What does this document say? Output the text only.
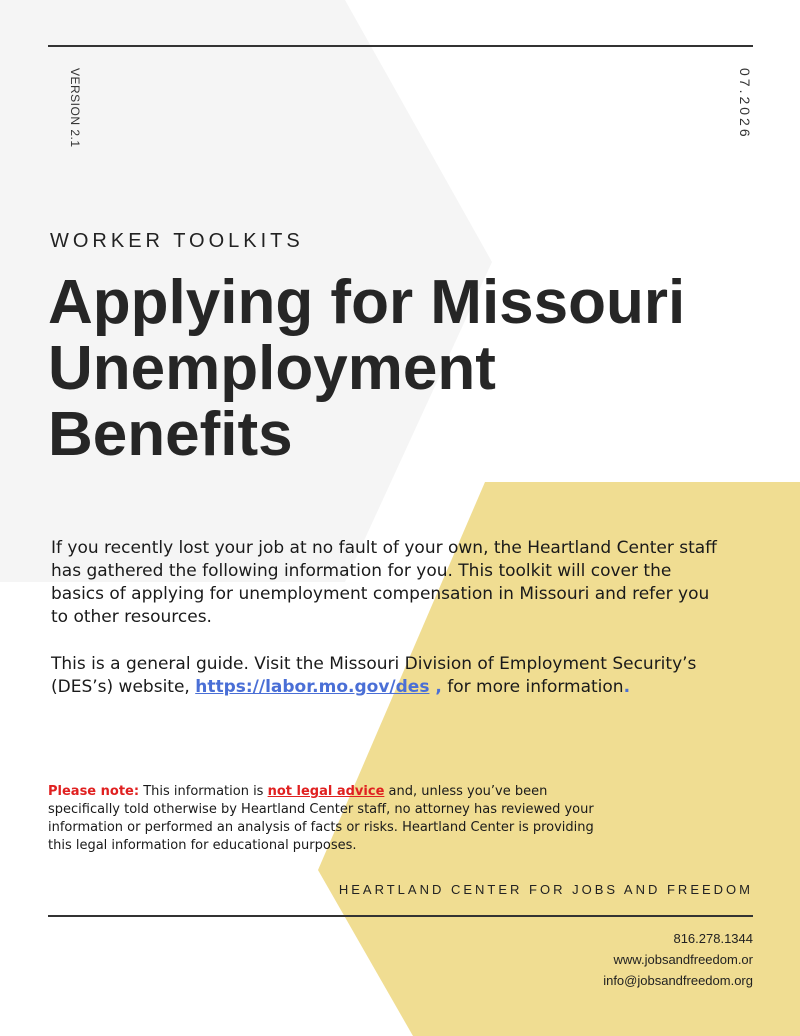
VERSION 2.1	07.2026
WORKER TOOLKITS
Applying for Missouri
Unemployment
Benefits

If you recently lost your job at no fault of your own, the Heartland Center staff has gathered the following information for you. This toolkit will cover the basics of applying for unemployment compensation in Missouri and refer you to other resources.

This is a general guide. Visit the Missouri Division of Employment Security’s (DES’s) website, https://labor.mo.gov/des , for more information.

Please note: This information is not legal advice and, unless you’ve been specifically told otherwise by Heartland Center staff, no attorney has reviewed your information or performed an analysis of facts or risks. Heartland Center is providing this legal information for educational purposes.

HEARTLAND CENTER FOR JOBS AND FREEDOM
816.278.1344
www.jobsandfreedom.or
info@jobsandfreedom.org
